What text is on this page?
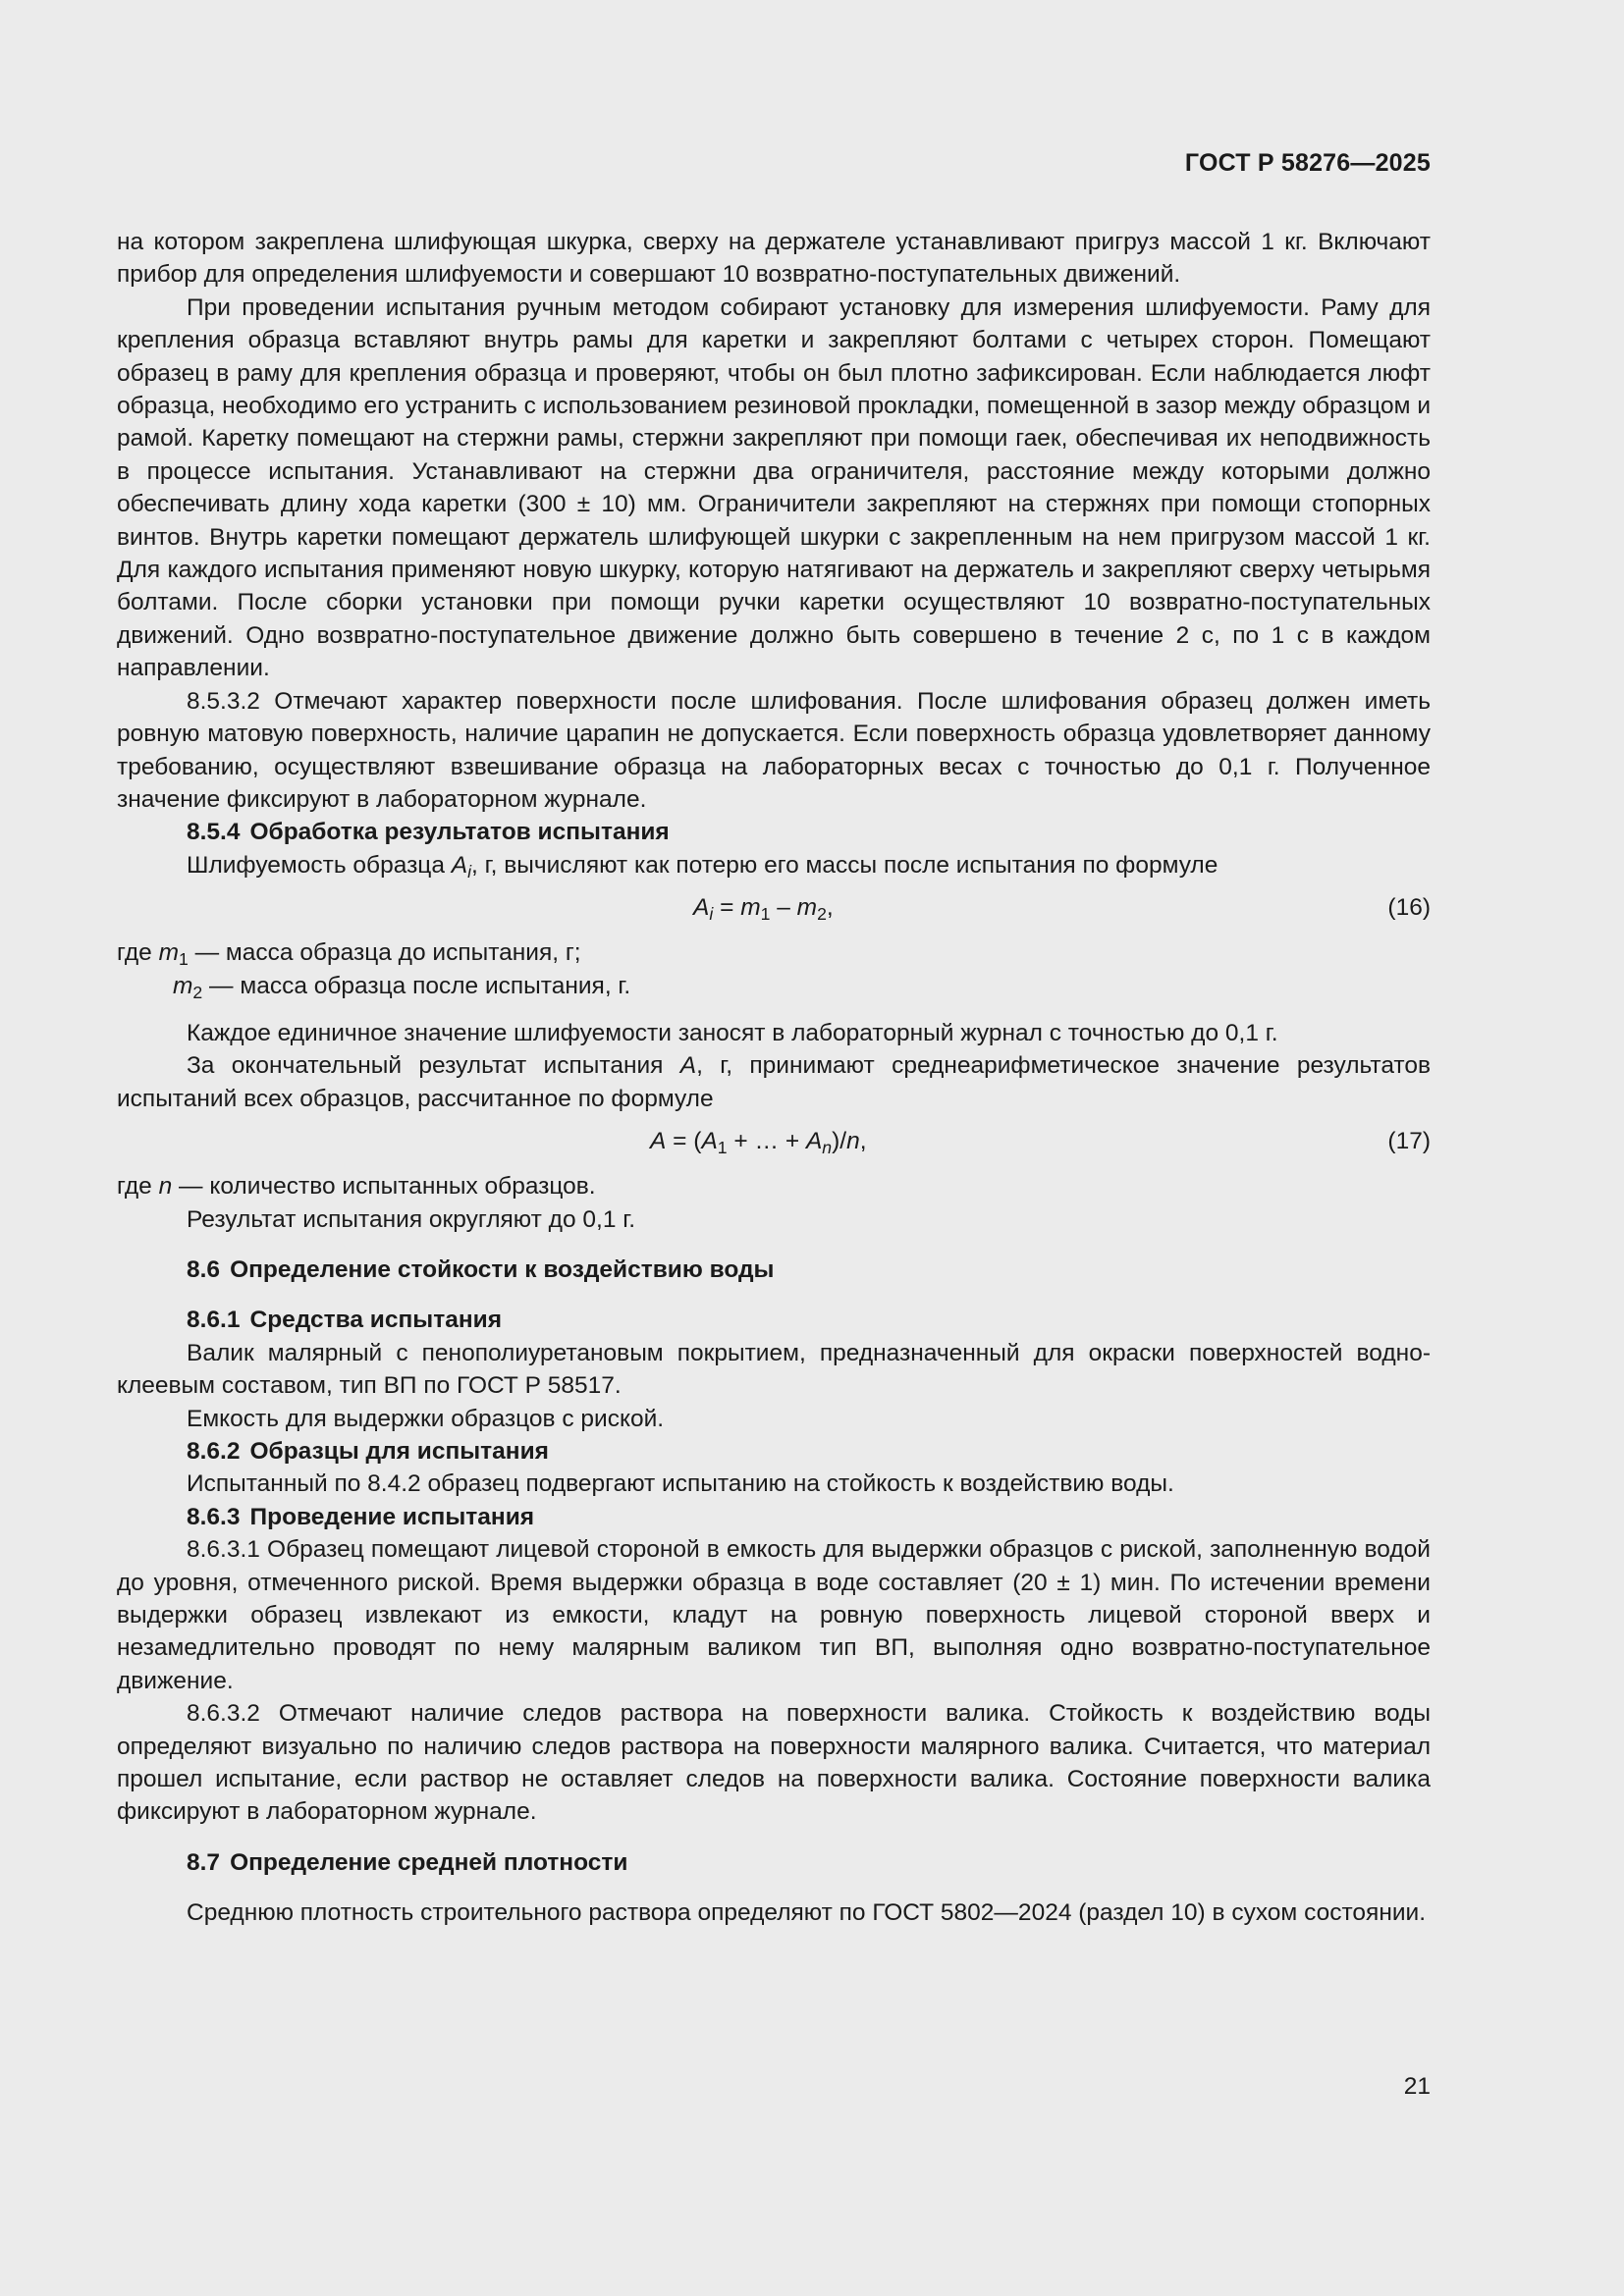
ГОСТ Р 58276—2025

на котором закреплена шлифующая шкурка, сверху на держателе устанавливают пригруз массой 1 кг. Включают прибор для определения шлифуемости и совершают 10 возвратно-поступательных движений.

При проведении испытания ручным методом собирают установку для измерения шлифуемости. Раму для крепления образца вставляют внутрь рамы для каретки и закрепляют болтами с четырех сторон. Помещают образец в раму для крепления образца и проверяют, чтобы он был плотно зафиксирован. Если наблюдается люфт образца, необходимо его устранить с использованием резиновой прокладки, помещенной в зазор между образцом и рамой. Каретку помещают на стержни рамы, стержни закрепляют при помощи гаек, обеспечивая их неподвижность в процессе испытания. Устанавливают на стержни два ограничителя, расстояние между которыми должно обеспечивать длину хода каретки (300 ± 10) мм. Ограничители закрепляют на стержнях при помощи стопорных винтов. Внутрь каретки помещают держатель шлифующей шкурки с закрепленным на нем пригрузом массой 1 кг. Для каждого испытания применяют новую шкурку, которую натягивают на держатель и закрепляют сверху четырьмя болтами. После сборки установки при помощи ручки каретки осуществляют 10 возвратно-поступательных движений. Одно возвратно-поступательное движение должно быть совершено в течение 2 с, по 1 с в каждом направлении.

8.5.3.2 Отмечают характер поверхности после шлифования. После шлифования образец должен иметь ровную матовую поверхность, наличие царапин не допускается. Если поверхность образца удовлетворяет данному требованию, осуществляют взвешивание образца на лабораторных весах с точностью до 0,1 г. Полученное значение фиксируют в лабораторном журнале.

8.5.4 Обработка результатов испытания

Шлифуемость образца $A_i$, г, вычисляют как потерю его массы после испытания по формуле

$A_i = m_1 - m_2$,	(16)

где $m_1$ — масса образца до испытания, г;

$m_2$ — масса образца после испытания, г.

Каждое единичное значение шлифуемости заносят в лабораторный журнал с точностью до 0,1 г.

За окончательный результат испытания A, г, принимают среднеарифметическое значение результатов испытаний всех образцов, рассчитанное по формуле

$A = (A_1$ + … + $A_n)/n$,	(17)

где n — количество испытанных образцов.

Результат испытания округляют до 0,1 г.

8.6 Определение стойкости к воздействию воды

8.6.1 Средства испытания

Валик малярный с пенополиуретановым покрытием, предназначенный для окраски поверхностей водно-клеевым составом, тип ВП по ГОСТ Р 58517.

Емкость для выдержки образцов с риской.

8.6.2 Образцы для испытания

Испытанный по 8.4.2 образец подвергают испытанию на стойкость к воздействию воды.

8.6.3 Проведение испытания

8.6.3.1 Образец помещают лицевой стороной в емкость для выдержки образцов с риской, заполненную водой до уровня, отмеченного риской. Время выдержки образца в воде составляет (20 ± 1) мин. По истечении времени выдержки образец извлекают из емкости, кладут на ровную поверхность лицевой стороной вверх и незамедлительно проводят по нему малярным валиком тип ВП, выполняя одно возвратно-поступательное движение.

8.6.3.2 Отмечают наличие следов раствора на поверхности валика. Стойкость к воздействию воды определяют визуально по наличию следов раствора на поверхности малярного валика. Считается, что материал прошел испытание, если раствор не оставляет следов на поверхности валика. Состояние поверхности валика фиксируют в лабораторном журнале.

8.7 Определение средней плотности

Среднюю плотность строительного раствора определяют по ГОСТ 5802—2024 (раздел 10) в сухом состоянии.

21
